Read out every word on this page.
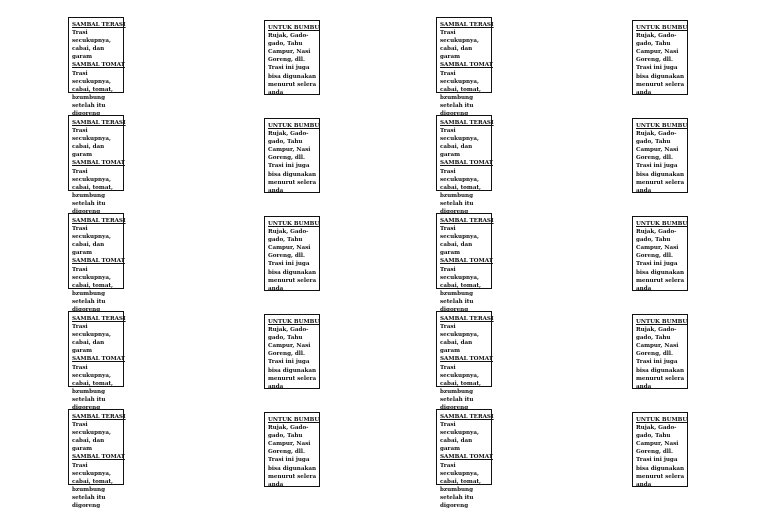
SAMBAL TERASI
Trasi secukupnya, cabai, dan garam
SAMBAL TOMAT
Trasi secukupnya, cabai, tomat, bzumbung setelah itu
UNTUK BUMBU
Rujak, Gado-gado, Tahu Campur, Nasi Goreng, dll.
Trasi ini juga bisa digunakan menurut selera anda
SAMBAL TERASI
Trasi secukupnya, cabai, dan garam
SAMBAL TOMAT
Trasi secukupnya, cabai, tomat, bzumbung setelah itu
UNTUK BUMBU
Rujak, Gado-gado, Tahu Campur, Nasi Goreng, dll.
Trasi ini juga bisa digunakan menurut selera anda
SAMBAL TERASI
Trasi secukupnya, cabai, dan garam
SAMBAL TOMAT
Trasi secukupnya, cabai, tomat, bzumbung setelah itu
UNTUK BUMBU
Rujak, Gado-gado, Tahu Campur, Nasi Goreng, dll.
Trasi ini juga bisa digunakan menurut selera anda
SAMBAL TERASI
Trasi secukupnya, cabai, dan garam
SAMBAL TOMAT
Trasi secukupnya, cabai, tomat, bzumbung setelah itu
UNTUK BUMBU
Rujak, Gado-gado, Tahu Campur, Nasi Goreng, dll.
Trasi ini juga bisa digunakan menurut selera anda
SAMBAL TERASI
Trasi secukupnya, cabai, dan garam
SAMBAL TOMAT
Trasi secukupnya, cabai, tomat, bzumbung setelah itu
UNTUK BUMBU
Rujak, Gado-gado, Tahu Campur, Nasi Goreng, dll.
Trasi ini juga bisa digunakan menurut selera anda
SAMBAL TERASI
Trasi secukupnya, cabai, dan garam
SAMBAL TOMAT
Trasi secukupnya, cabai, tomat, bzumbung setelah itu
UNTUK BUMBU
Rujak, Gado-gado, Tahu Campur, Nasi Goreng, dll.
Trasi ini juga bisa digunakan menurut selera anda
SAMBAL TERASI
Trasi secukupnya, cabai, dan garam
SAMBAL TOMAT
Trasi secukupnya, cabai, tomat, bzumbung setelah itu
UNTUK BUMBU
Rujak, Gado-gado, Tahu Campur, Nasi Goreng, dll.
Trasi ini juga bisa digunakan menurut selera anda
SAMBAL TERASI
Trasi secukupnya, cabai, dan garam
SAMBAL TOMAT
Trasi secukupnya, cabai, tomat, bzumbung setelah itu
UNTUK BUMBU
Rujak, Gado-gado, Tahu Campur, Nasi Goreng, dll.
Trasi ini juga bisa digunakan menurut selera anda
SAMBAL TERASI
Trasi secukupnya, cabai, dan garam
SAMBAL TOMAT
Trasi secukupnya, cabai, tomat, bzumbung setelah itu digoreng
UNTUK BUMBU
Rujak, Gado-gado, Tahu Campur, Nasi Goreng, dll.
Trasi ini juga bisa digunakan menurut selera anda
SAMBAL TERASI
Trasi secukupnya, cabai, dan garam
SAMBAL TOMAT
Trasi secukupnya, cabai, tomat, bzumbung setelah itu digoreng
UNTUK BUMBU
Rujak, Gado-gado, Tahu Campur, Nasi Goreng, dll.
Trasi ini juga bisa digunakan menurut selera anda
